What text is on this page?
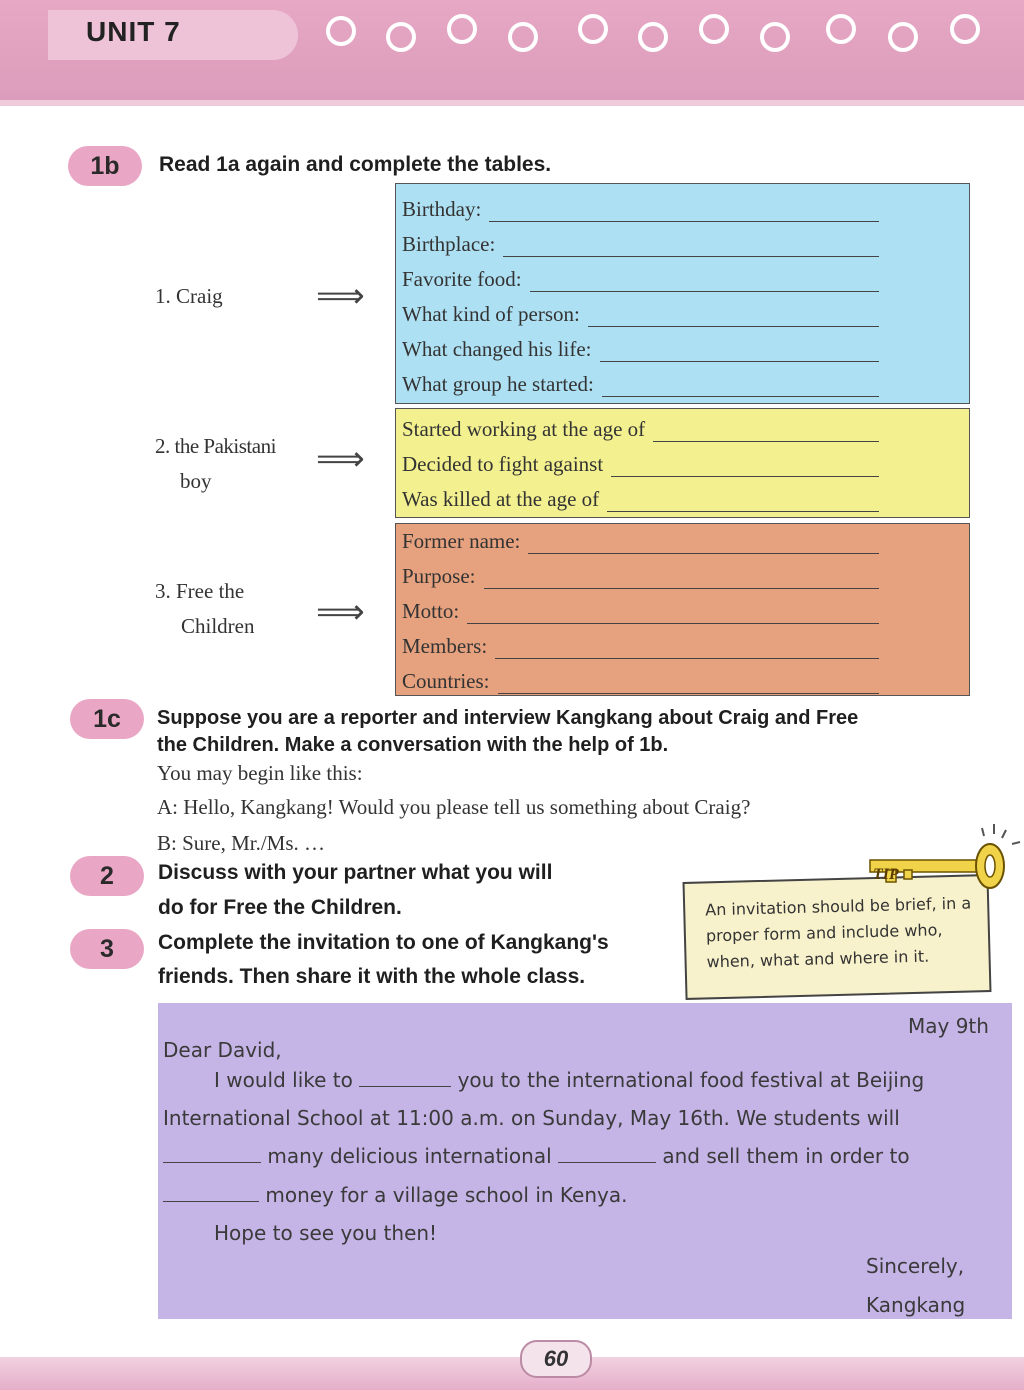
UNIT 7
1b	Read 1a again and complete the tables.
1. Craig	⟹
Birthday:
Birthplace:
Favorite food:
What kind of person:
What changed his life:
What group he started:
2. the Pakistani
boy
⟹
Started working at the age of
Decided to fight against
Was killed at the age of
3. Free the
Children ⟹
Former name:
Purpose:
Motto:
Members:
Countries:
1c	Suppose you are a reporter and interview Kangkang about Craig and Free
the Children. Make a conversation with the help of 1b.
You may begin like this:
A: Hello, Kangkang! Would you please tell us something about Craig?
B: Sure, Mr./Ms. …
2	Discuss with your partner what you will
do for Free the Children.
3	Complete the invitation to one of Kangkang's
friends. Then share it with the whole class.
An invitation should be brief, in a proper form and include who, when, what and where in it.
TIP
May 9th
Dear David,
I would like to	you to the international food festival at Beijing
International School at 11:00 a.m. on Sunday, May 16th. We students will
many delicious international	and sell them in order to
money for a village school in Kenya.
Hope to see you then!
Sincerely,
Kangkang
60
